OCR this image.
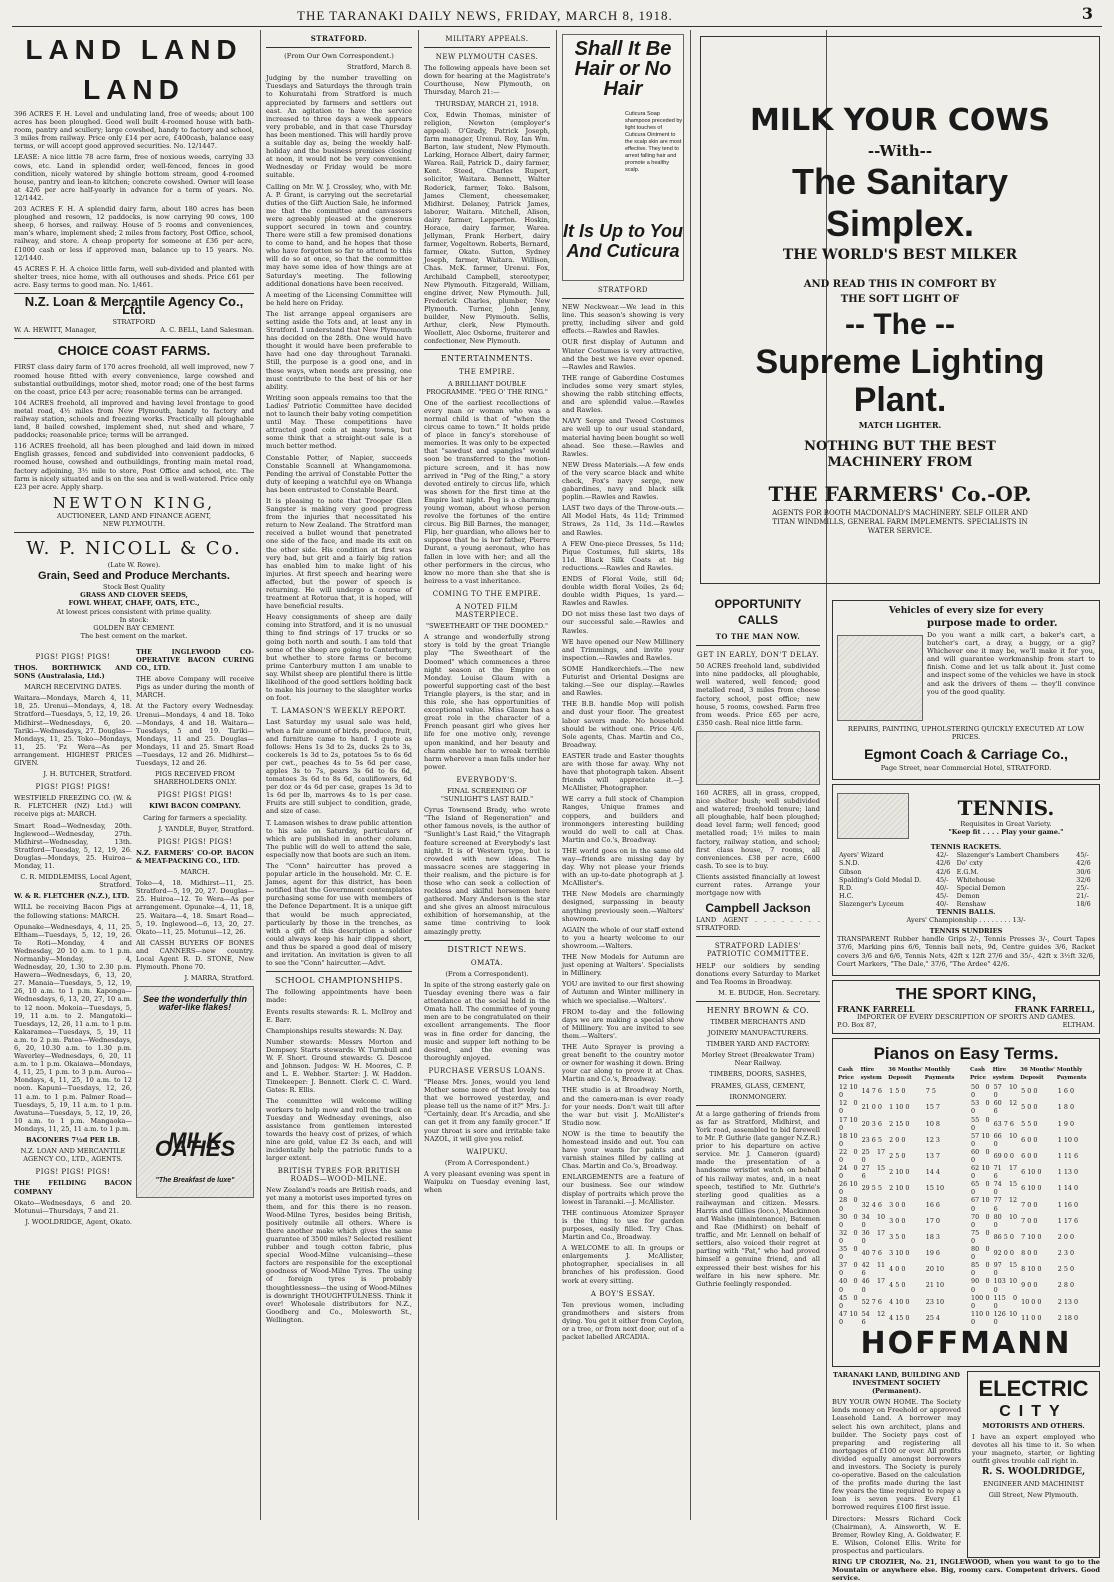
THE TARANAKI DAILY NEWS, FRIDAY, MARCH 8, 1918.	3
LAND LAND LAND

396 ACRES F. H. Level and undulating land, free of weeds; about 100 acres has been ploughed. Good well built 4-roomed house with bath-room, pantry and scullery; large cowshed, handy to factory and school, 3 miles from railway. Price only £14 per acre, £400cash, balance easy terms, or will accept good approved securities. No. 12/1447.

LEASE: A nice little 78 acre farm, free of noxious weeds, carrying 33 cows, etc. Land in splendid order, well-fenced, fences in good condition, nicely watered by shingle bottom stream, good 4-roomed house, pantry and lean-to kitchen; concrete cowshed. Owner will lease at 42/6 per acre half-yearly in advance for a term of years. No. 12/1442.

203 ACRES F. H. A splendid dairy farm, about 180 acres has been ploughed and resown, 12 paddocks, is now carrying 90 cows, 100 sheep, 6 horses, and railway. House of 5 rooms and conveniences, man's whare, implement shed; 2 miles from factory, Post Office, school, railway, and store. A cheap property for someone at £36 per acre, £1000 cash or less if approved man, balance up to 15 years. No. 12/1440.

45 ACRES F. H. A choice little farm, well sub-divided and planted with shelter trees, nice home, with all outhouses and sheds. Price £61 per acre. Easy terms to good man. No. 1/461.

N.Z. Loan & Mercantile Agency Co., Ltd.
STRATFORD
W. A. HEWITT, Manager,	A. C. BELL, Land Salesman.
CHOICE COAST FARMS.

FIRST class dairy farm of 170 acres freehold, all well improved, new 7 roomed house fitted with every convenience, large cowshed and substantial outbuildings, motor shed, motor road; one of the best farms on the coast, price £43 per acre; reasonable terms can be arranged.

104 ACRES freehold, all improved and having level frontage to good metal road, 4½ miles from New Plymouth, handy to factory and railway station, schools and freezing works. Practically all ploughable land, 8 bailed cowshed, implement shed, nut shed and whare, 7 paddocks; reasonable price; terms will be arranged.

116 ACRES freehold, all has been ploughed and laid down in mixed English grasses, fenced and subdivided into convenient paddocks, 6 roomed house, cowshed and outbuildings, fronting main metal road, factory adjoining, 3½ mile to store, Post Office and school, etc. The farm is nicely situated and is on the sea and is well-watered. Price only £23 per acre. Apply sharp.

NEWTON KING,
AUCTIONEER, LAND AND FINANCE AGENT,
NEW PLYMOUTH.
W. P. NICOLL & Co.
(Late W. Rowe).
Grain, Seed and Produce Merchants.
Stock Best Quality
GRASS AND CLOVER SEEDS,
FOWL WHEAT, CHAFF, OATS, ETC.,
At lowest prices consistent with prime quality.
In stock:
GOLDEN BAY CEMENT.
The best cement on the market.
PIGS! PIGS! PIGS!

THOS. BORTHWICK AND SONS (Australasia, Ltd.)

MARCH RECEIVING DATES.

Waitara—Mondays, March 4, 11, 18, 25. Urenui—Mondays, 4, 18. Stratford—Tuesdays, 5, 12, 19, 26. Midhirst—Wednesdays, 6, 20. Tariki—Wednesdays, 27. Douglas—Mondays, 11, 25. Toko—Mondays, 11, 25. 'Fz Wera—As per arrangement. HIGHEST PRICES GIVEN.

J. H. BUTCHER, Stratford.

PIGS! PIGS! PIGS!

WESTFIELD FREEZING CO. (W. & R. FLETCHER (NZ) Ltd.) will receive pigs at: MARCH.

Smart Road—Wednesday, 20th. Inglewood—Wednesday, 27th. Midhirst—Wednesday, 13th. Stratford—Tuesday, 5, 12, 19, 26. Douglas—Mondays, 25. Huiroa—Monday, 11.

C. R. MIDDLEMISS, Local Agent, Stratford.

W. & R. FLETCHER (N.Z.), LTD.

WILL be receiving Bacon Pigs at the following stations: MARCH.

Opunake—Wednesdays, 4, 11, 25. Eltham—Tuesdays, 5, 12, 19, 26. Te Roti—Monday, 4 and Wednesday, 20 10 a.m. to 1 p.m. Normanby—Monday, 4, Wednesday, 20, 1.30 to 2.30 p.m. Hawera—Wednesdays, 6, 13, 20, 27. Manaia—Tuesdays, 5, 12, 19, 26, 10 a.m. to 1 p.m. Kaponga—Wednesdays, 6, 13, 20, 27, 10 a.m. to 12 noon. Mokoia—Tuesdays, 5, 19, 11 a.m. to 2. Mangatoki—Tuesdays, 12, 26, 11 a.m. to 1 p.m. Kakaramea—Tuesdays, 5, 19, 11 a.m. to 2 p.m. Patea—Wednesdays, 6, 20, 10.30 a.m. to 1.30 p.m. Waverley—Wednesdays, 6, 20, 11 a.m. to 1 p.m. Okaiawa—Mondays, 4, 11, 25, 1 p.m. to 3 p.m. Auroa—Mondays, 4, 11, 25, 10 a.m. to 12 noon. Kapuni—Tuesdays, 12, 26, 11 a.m. to 1 p.m. Palmer Road—Tuesdays, 5, 19, 11 a.m. to 1 p.m. Awatuna—Tuesdays, 5, 12, 19, 26, 10 a.m. to 1 p.m. Mangaoka—Mondays, 11, 25, 11 a.m. to 1 p.m.

BACONERS 7½d PER LB.

N.Z. LOAN AND MERCANTILE AGENCY CO., LTD., AGENTS.

PIGS! PIGS! PIGS!

THE FEILDING BACON COMPANY

Okato—Wednesdays, 6 and 20. Motunui—Thursdays, 7 and 21.

J. WOOLDRIDGE, Agent, Okato.

THE INGLEWOOD CO-OPERATIVE BACON CURING CO., LTD.

THE above Company will receive Pigs as under during the month of MARCH.

At the Factory every Wednesday. Urenui—Mondays, 4 and 18. Toko—Mondays, 4 and 18. Waitara—Tuesdays, 5 and 19. Tariki—Mondays, 11 and 25. Douglas—Mondays, 11 and 25. Smart Road—Tuesdays, 12 and 26. Midhirst—Tuesdays, 12 and 26.

PIGS RECEIVED FROM SHAREHOLDERS ONLY.

PIGS! PIGS! PIGS!

KIWI BACON COMPANY.

Caring for farmers a speciality.

J. YANDLE, Buyer, Stratford.

PIGS! PIGS! PIGS!

N.Z. FARMERS' CO-OP. BACON & MEAT-PACKING CO., LTD.

MARCH.

Toko—4, 18. Midhirst—11, 25. Stratford—5, 19, 20, 27. Douglas—25. Huiroa—12. Te Wera—As per arrangement. Opunake—4, 11, 18, 25. Waitara—4, 18. Smart Road—5, 19. Inglewood—6, 13, 20, 27. Okato—11, 25. Motunui—12, 26.

All CASSH BUYERS OF BONES and CANNERS—new country. Local Agent R. D. STONE, New Plymouth. Phone 70.

J. MARRA, Stratford.

See the wonderfully thin wafer-like flakes!
MILK OATIES
"The Breakfast de luxe"
STRATFORD.

(From Our Own Correspondent.)

Stratford, March 8.

Judging by the number travelling on Tuesdays and Saturdays the through train to Kohuratahi from Stratford is much appreciated by farmers and settlers out east. An agitation to have the service increased to three days a week appears very probable, and in that case Thursday has been mentioned. This will hardly prove a suitable day as, being the weekly half-holiday and the business premises closing at noon, it would not be very convenient. Wednesday or Friday would be more suitable.

Calling on Mr. W. J. Crossley, who, with Mr. A. P. Grant, is carrying out the secretarial duties of the Gift Auction Sale, he informed me that the committee and canvassers were agreeably pleased at the generous support secured in town and country. There were still a few promised donations to come to hand, and he hopes that those who have forgotten so far to attend to this will do so at once, so that the committee may have some idea of how things are at Saturday's meeting. The following additional donations have been received.

A meeting of the Licensing Committee will be held here on Friday.

The list arrange appeal organisers are setting aside the Tots and, at least any in Stratford. I understand that New Plymouth has decided on the 28th. One would have thought it would have been preferable to have had one day throughout Taranaki. Still, the purpose is a good one, and in these ways, when needs are pressing, one must contribute to the best of his or her ability.

Writing soon appeals remains too that the Ladies' Patriotic Committee have decided not to launch their baby voting competition until May. These competitions have attracted good coin at many towns, but some think that a straight-out sale is a much better method.

Constable Potter, of Napier, succeeds Constable Scannell at Whangamomona. Pending the arrival of Constable Potter the duty of keeping a watchful eye on Whanga has been entrusted to Constable Beard.

It is pleasing to note that Trooper Glen Sangster is making very good progress from the injuries that necessitated his return to New Zealand. The Stratford man received a bullet wound that penetrated one side of the face, and made its exit on the other side. His condition at first was very bad, but grit and a fairly big ration has enabled him to make light of his injuries. At first speech and hearing were affected, but the power of speech is returning. He will undergo a course of treatment at Rotorua that, it is hoped, will have beneficial results.

Heavy consignments of sheep are daily coming into Stratford, and it is no unusual thing to find strings of 17 trucks or so going both north and south. I am told that some of the sheep are going to Canterbury, but whether to store farms or become prime Canterbury mutton I am unable to say. Whilst sheep are plentiful there is little likelihood of the good settlers holding back to make his journey to the slaughter works on foot.

T. LAMASON'S WEEKLY REPORT.

Last Saturday my usual sale was held, when a fair amount of birds, produce, fruit, and furniture came to hand. I quote as follows: Hens 1s 3d to 2s, ducks 2s to 3s, cockerels 1s 3d to 2s, potatoes 5s to 6s 6d per cwt., peaches 4s to 5s 6d per case, apples 3s to 7s, pears 3s 6d to 6s 6d, tomatoes 3s 6d to 8s 6d, cauliflowers, 6d per doz or 4s 6d per case, grapes 1s 3d to 1s 6d per lb, marrows 4s to 1s per case. Fruits are still subject to condition, grade, and size of case.

T. Lamason wishes to draw public attention to his sale on Saturday, particulars of which are published in another column. The public will do well to attend the sale, especially now that boots are such an item.

The "Conn" haircutter has proved a popular article in the household. Mr. C. E. James, agent for this district, has been notified that the Government contemplates purchasing some for use with members of the Defence Department. It is a unique gift that would be much appreciated, particularly by those in the trenches, as with a gift of this description a soldier could always keep his hair clipped short, and thus be spared a good deal of misery and irritation. An invitation is given to all to see the "Conn" haircutter.—Advt.

SCHOOL CHAMPIONSHIPS.

The following appointments have been made:

Events results stewards: R. L. McIlroy and E. Barr.

Championships results stewards: N. Day.

Number stewards: Messrs Morton and Dempsey. Starts stewards: W. Turnbull and W. F. Short. Ground stewards: G. Doscoe and Johnson. Judges: W. H. Moores, C. P. and L. E. Webber. Starter: J. W. Haddon. Timekeeper: J. Bennett. Clerk C. C. Ward. Gates: R. Ellis.

The committee will welcome willing workers to help mow and roll the track on Tuesday and Wednesday evenings, also assistance from gentlemen interested towards the heavy cost of prizes, of which nine are gold, value £2 3s each, and will incidentally help the patriotic funds to a larger extent.

BRITISH TYRES FOR BRITISH ROADS—WOOD-MILNE.

New Zealand's roads are British roads, and yet many a motorist uses imported tyres on them, and for this there is no reason. Wood-Milne Tyres, besides being British, positively outmile all others. Where is there another make which gives the same guarantee of 3500 miles? Selected resilient rubber and tough cotton fabric, plus special Wood-Milne vulcanising—these factors are responsible for the exceptional goodness of Wood-Milne Tyres. The using of foreign tyres is probably thoughtlessness—the using of Wood-Milnes is downright THOUGHTFULNESS. Think it over! Wholesale distributors for N.Z., Goodberg and Co., Molesworth St., Wellington.

MILITARY APPEALS.
NEW PLYMOUTH CASES.

The following appeals have been set down for hearing at the Magistrate's Courthouse, New Plymouth, on Thursday, March 21:—

THURSDAY, MARCH 21, 1918.

Cox, Edwin Thomas, minister of religion, Newton (employer's appeal). O'Grady, Patrick Joseph, farm manager, Urenui. Roy, Ian Wm. Barton, law student, New Plymouth. Larking, Horace Albert, dairy farmer, Warea. Rail, Patrick D., dairy farmer, Kent. Steed, Charles Rupert, solicitor, Waitara. Bennett, Walter Roderick, farmer, Toko. Balsom, James Clement, cheesemaker, Midhirst. Delaney, Patrick James, laborer, Waitara. Mitchell, Alison, dairy farmer, Lepperton. Hoskin, Horace, dairy farmer, Warea. Jellyman, Frank Herbert, dairy farmer, Vogeltown. Roberts, Bernard, farmer, Okato. Sutton, Sydney Joseph, farmer, Waitara. Willison, Chas. McK. farmer, Urenui. Fox, Archibald Campbell, stereotyper, New Plymouth. Fitzgerald, William, engine driver, New Plymouth. Jull, Frederick Charles, plumber, New Plymouth. Turner, John Jenny, builder, New Plymouth. Sellis, Arthur, clerk, New Plymouth. Woollett, Alec Osborne, fruiterer and confectioner, New Plymouth.

ENTERTAINMENTS.
THE EMPIRE.

A BRILLIANT DOUBLE PROGRAMME. "PEG O' THE RING."

One of the earliest recollections of every man or woman who was a normal child is that of "when the circus came to town." It holds pride of place in fancy's storehouse of memories. It was only to be expected that "sawdust and spangles" would soon be transferred to the motion-picture screen, and it has now arrived in "Peg of the Ring," a story devoted entirely to circus life, which was shown for the first time at the Empire last night. Peg is a charming young woman, about whose person revolve the fortunes of the entire circus. Big Bill Barnes, the manager, Flip, her guardian, who allows her to suppose that he is her father, Pierre Durant, a young aeronaut, who has fallen in love with her; and all the other performers in the circus, who know no more than she that she is heiress to a vast inheritance.

COMING TO THE EMPIRE.
A NOTED FILM MASTERPIECE.

"SWEETHEART OF THE DOOMED."

A strange and wonderfully strong story is told by the great Triangle play "The Sweetheart of the Doomed" which commences a three night season at the Empire on Monday. Louise Glaum with a powerful supporting cast of the best Triangle players, is the star, and in this role, she has opportunities of exceptional value. Miss Glaum has a great role in the character of a French peasant girl who gives her life for one motive only, revenge upon mankind, and her beauty and charm enable her to wreak terrible harm wherever a man falls under her power.

EVERYBODY'S.

FINAL SCREENING OF "SUNLIGHT'S LAST RAID."

Cyrus Townsend Brady, who wrote "The Island of Regeneration" and other famous novels, is the author of "Sunlight's Last Raid," the Vitagraph feature screened at Everybody's last night. It is of Western type, but is crowded with new ideas. The massacre scenes are staggering in their realism, and the picture is for those who can seek a collection of reckless and skilful horsemen here gathered. Mary Anderson is the star and she gives an almost miraculous exhibition of horsemanship, at the same time contriving to look amazingly pretty.

DISTRICT NEWS.
OMATA.

(From a Correspondent).

In spite of the strong easterly gale on Tuesday evening there was a fair attendance at the social held in the Omata hall. The committee of young men are to be congratulated on their excellent arrangements. The floor was in fine order for dancing, the music and supper left nothing to be desired, and the evening was thoroughly enjoyed.

PURCHASE VERSUS LOANS.

"Please Mrs. Jones, would you lend Mother some more of that lovely tea that we borrowed yesterday, and please tell us the name of it?" Mrs. J.: "Certainly, dear. It's Arcadia, and she can get it from any family grocer." If your throat is sore and irritable take NAZOL, it will give you relief.

WAIPUKU.

(From A Correspondent.)

A very pleasant evening was spent in Waipuku on Tuesday evening last, when

Shall It Be Hair or No Hair
Cuticura Soap shampoos preceded by light touches of Cuticura Ointment to the scalp skin are most effective. They tend to arrest falling hair and promote a healthy scalp.
It Is Up to You And Cuticura
STRATFORD

NEW Neckwear.—We lead in this line. This season's showing is very pretty, including silver and gold effects.—Rawles and Rawles.

OUR first display of Autumn and Winter Costumes is very attractive, and the best we have ever opened.—Rawles and Rawles.

THE range of Gaberdine Costumes includes some very smart styles, showing the rabb stitching effects, and are splendid value.—Rawles and Rawles.

NAVY Serge and Tweed Costumes are well up to our usual standard, material having been bought so well ahead. See these.—Rawles and Rawles.

NEW Dress Materials.—A few ends of the very scarce black and white check, Fox's navy serge, new gabardines, navy and black silk poplin.—Rawles and Rawles.

LAST two days of the Throw-outs.—All Model Hats, 4s 11d; Trimmed Straws, 2s 11d, 3s 11d.—Rawles and Rawles.

A FEW One-piece Dresses, 5s 11d; Pique Costumes, full skirts, 18s 11d. Black Silk Coats at big reductions.—Rawles and Rawles.

ENDS of Floral Voile, still 6d; double width floral Voiles, 2s 6d; double width Piques, 1s yard.—Rawles and Rawles.

DO not miss these last two days of our successful sale.—Rawles and Rawles.

WE have opened our New Millinery and Trimmings, and invite your inspection.—Rawles and Rawles.

SOME Handkerchiefs.—The new Futurist and Oriental Designs are taking.—See our display.—Rawles and Rawles.

THE B.B. handle Mop will polish and dust your floor. The greatest labor savers made. No household should be without one. Price 4/6. Sole agents, Chas. Martin and Co., Broadway.

EASTER trade and Easter thoughts are with those far away. Why not have that photograph taken. Absent friends will appreciate it.—J. McAllister, Photographer.

WE carry a full stock of Champion Ranges, Unique frames and coppers, and builders and ironmongers interesting building would do well to call at Chas. Martin and Co.'s, Broadway.

THE world goes on in the same old way—friends are missing day by day. Why not please your friends with an up-to-date photograph at J. McAllister's.

THE New Models are charmingly designed, surpassing in beauty anything previously seen.—Walters' showroom.

AGAIN the whole of our staff extend to you a hearty welcome to our showroom.—Walters.

THE New Models for Autumn are just opening at Walters'. Specialists in Millinery.

YOU are invited to our first showing of Autumn and Winter millinery in which we specialise.—Walters'.

FROM to-day and the following days we are making a special show of Millinery. You are invited to see them.—Walters'.

THE Auto Sprayer is proving a great benefit to the country motor or owner for washing it down. Bring your car along to prove it at Chas. Martin and Co.'s, Broadway.

THE studio is at Broadway North, and the camera-man is ever ready for your needs. Don't wait till after the war but visit J. McAllister's Studio now.

NOW is the time to beautify the homestead inside and out. You can have your wants for paints and varnish staines filled by calling at Chas. Martin and Co.'s, Broadway.

ENLARGEMENTS are a feature of our business. See our window display of portraits which prove the lowest in Taranaki.—J. McAllister.

THE continuous Atomizer Sprayer is the thing to use for garden purposes, easily filled. Try Chas. Martin and Co., Broadway.

A WELCOME to all. In groups or enlargements J. McAllister, photographer, specialises in all branches of his profession. Good work at every sitting.

A BOY'S ESSAY.

Ten previous women, including grandmothers and sisters from dying. You get it either from Ceylon, or a tree, or from next door, out of a packet labelled ARCADIA.

OPPORTUNITY CALLS
TO THE MAN NOW.
GET IN EARLY, DON'T DELAY.

50 ACRES freehold land, subdivided into nine paddocks, all ploughable, well watered, well fenced; good metalled road, 3 miles from cheese factory, school, post office; new house, 5 rooms, cowshed. Farm free from weeds. Price £65 per acre, £350 cash. Real nice little farm.

160 ACRES, all in grass, cropped, nice shelter bush; well subdivided and watered; freehold tenure; land all ploughable, half been ploughed; dead level farm; well fenced; good metalled road; 1½ miles to main factory, railway station, and school; first class house, 7 rooms, all conveniences. £38 per acre, £600 cash. To see is to buy.

Clients assisted financially at lowest current rates. Arrange your mortgage now with

Campbell Jackson

LAND AGENT . . . . . . . . STRATFORD.

STRATFORD LADIES' PATRIOTIC COMMITTEE.

HELP our soldiers by sending donations every Saturday to Market and Tea Rooms in Broadway.

M. E. BUDGE, Hon. Secretary.

HENRY BROWN & CO.

TIMBER MERCHANTS AND

JOINERY MANUFACTURERS.

TIMBER YARD AND FACTORY:

Morley Street (Breakwater Tram) Near Railway.

TIMBERS, DOORS, SASHES,

FRAMES, GLASS, CEMENT,

IRONMONGERY.

At a large gathering of friends from as far as Stratford, Midhirst, and York road, assembled to bid farewell to Mr. P. Guthrie (late ganger N.Z.R.) prior to his departure on active service. Mr. J. Cameron (guard) made the presentation of a handsome wristlet watch on behalf of his railway mates, and, in a neat speech, testified to Mr. Guthrie's sterling good qualities as a railwayman and citizen. Messrs. Harris and Gillies (loco.), Mackinnon and Walshe (maintenance), Batemen and Rae (Midhirst) on behalf of traffic, and Mr. Lennell on behalf of settlers, also voiced their regret at parting with "Pat," who had proved himself a genuine friend, and all expressed their best wishes for his welfare in his new sphere. Mr. Guthrie feelingly responded.

MILK YOUR COWS
--With--
The Sanitary
Simplex.
THE WORLD'S BEST MILKER
AND READ THIS IN COMFORT BY
THE SOFT LIGHT OF
-- The --
Supreme Lighting
Plant.
MATCH LIGHTER.
NOTHING BUT THE BEST
MACHINERY FROM
THE FARMERS' Co.-OP.
AGENTS FOR BOOTH MACDONALD'S MACHINERY. SELF OILER AND TITAN WINDMILLS, GENERAL FARM IMPLEMENTS. SPECIALISTS IN WATER SERVICE.
Vehicles of every size for every
purpose made to order.

Do you want a milk cart, a baker's cart, a butcher's cart, a dray, a buggy, or a gig? Whichever one it may be, we'll make it for you, and will guarantee workmanship from start to finish. Come and let us talk about it. Just come and inspect some of the vehicles we have in stock and ask the drivers of them — they'll convince you of the good quality.

REPAIRS, PAINTING, UPHOLSTERING QUICKLY EXECUTED AT LOW PRICES.

Egmont Coach & Carriage Co.,

Page Street, near Commercial Hotel, STRATFORD.

TENNIS.
Requisites in Great Variety.
"Keep fit . . . . Play your game."
TENNIS RACKETS.
Ayers' Wizard	42/-	Slazenger's Lambert Chambers	45/-
S.N.D.	42/6	Do' cxty	42/6
Gibson	42/6	E.G.M.	30/6
Spalding's Gold Medal D.	45/-	Whitehouse	32/6
R.D.	40/-	Special Demon	25/-
H.C.	45/-	Demon	21/-
Slazenger's Lyceum	40/-	Renshaw	18/6
TENNIS BALLS.

Ayers' Championship . . . . . . . . 13/-

TENNIS SUNDRIES

TRANSPARENT Rubber handle Grips 2/-, Tennis Presses 3/-, Court Tapes 37/6, Marking pins 6/6, Tennis ball nets, 9d, Centre guides 3/6, Racket covers 3/6 and 6/6, Tennis Nets, 42ft x 12ft 27/6 and 35/-, 42ft x 3½ft 32/6, Court Markers, "The Dale," 37/6, "The Ardee" 42/6.

THE SPORT KING,
FRANK FARRELL	FRANK FARRELL,
IMPORTER OF EVERY DESCRIPTION OF SPORTS AND GAMES.
P.O. Box 87,	ELTHAM.
Pianos on Easy Terms.
Cash Price	Hire system	36 Months' Deposit	Monthly Payments
12 10 0	14 7 6	1 5 0	7 5
12 0 0	21 0 0	1 10 0	15 7
17 10 0	20 3 6	2 15 0	10 8
18 10 0	23 6 5	2 0 0	12 3
22 0 0	25 17 0	2 5 0	13 7
24 0 0	27 15 6	2 10 0	14 4
26 10 0	29 5 5	2 10 0	15 10
28 0 0	32 4 6	3 0 0	16 6
30 0 0	34 10 0	3 0 0	17 0
32 0 0	36 17 0	3 5 0	18 3
35 0 0	40 7 6	3 10 0	19 6
37 0 0	42 11 6	4 0 0	20 10
40 0 0	46 17 0	4 5 0	21 10
45 0 0	52 7 6	4 10 0	23 10
47 10 0	54 12 6	4 15 0	25 4
Cash Price	Hire system	36 Months' Deposit	Monthly Payments
50 0 0	57 10 0	5 0 0	1 6 0
53 0 0	60 12 6	5 0 0	1 8 0
55 0 0	63 7 6	5 5 0	1 9 0
57 10 0	66 10 0	6 0 0	1 10 0
60 0 0	69 0 0	6 0 0	1 11 6
62 10 0	71 17 6	6 10 0	1 13 0
65 0 0	74 15 0	6 10 0	1 14 0
67 10 0	77 12 6	7 0 0	1 16 0
70 0 0	80 10 0	7 0 0	1 17 6
75 0 0	86 5 0	7 10 0	2 0 0
80 0 0	92 0 0	8 0 0	2 3 0
85 0 0	97 15 0	8 10 0	2 5 0
90 0 0	103 10 0	9 0 0	2 8 0
100 0 0	115 0 0	10 0 0	2 13 0
110 0 0	126 10 0	11 0 0	2 18 0
HOFFMANN

TARANAKI LAND, BUILDING AND INVESTMENT SOCIETY (Permanent).

BUY YOUR OWN HOME. The Society lends money on Freehold or approved Leasehold Land. A borrower may select his own architect, plans and builder. The Society pays cost of preparing and registering all mortgages of £100 or over. All profits divided equally amongst borrowers and investors. The Society is purely co-operative. Based on the calculation of the profits made during the last few years the time required to repay a loan is seven years. Every £1 borrowed requires £100 first issue.

Directors: Messrs Richard Cock (Chairman), A. Ainsworth, W. E. Bremer, Rowley King, A. Goldwater, F. E. Wilson, Colonel Ellis. Write for prospectus and particulars.

ELECTRIC
CITY

MOTORISTS AND OTHERS.

I have an expert employed who devotes all his time to it. So when your magneto, starter, or lighting outfit gives trouble call right in.

R. S. WOOLDRIDGE,

ENGINEER AND MACHINIST

Gill Street, New Plymouth.

RING UP CROZIER, No. 21, INGLEWOOD, when you want to go to the Mountain or anywhere else. Big, roomy cars. Competent drivers. Good service.
